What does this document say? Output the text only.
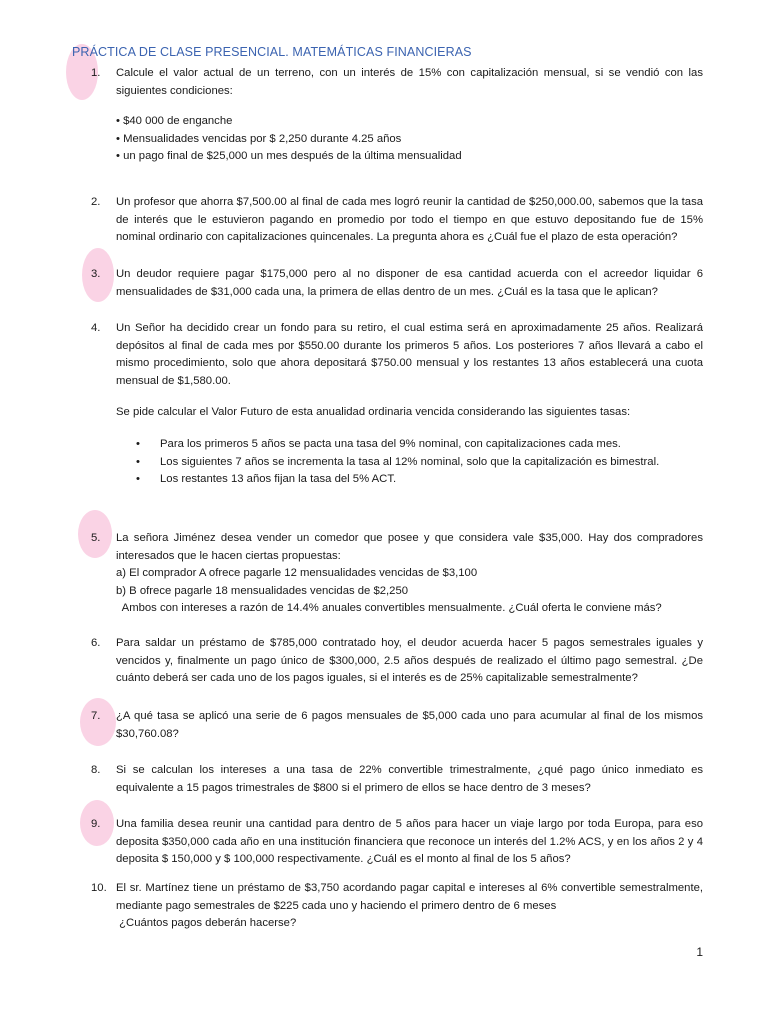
PRÁCTICA DE CLASE PRESENCIAL. MATEMÁTICAS FINANCIERAS
1. Calcule el valor actual de un terreno, con un interés de 15% con capitalización mensual, si se vendió con las siguientes condiciones:
• $40 000 de enganche
• Mensualidades vencidas por $ 2,250 durante 4.25 años
• un pago final de $25,000 un mes después de la última mensualidad
2. Un profesor que ahorra $7,500.00 al final de cada mes logró reunir la cantidad de $250,000.00, sabemos que la tasa de interés que le estuvieron pagando en promedio por todo el tiempo en que estuvo depositando fue de 15% nominal ordinario con capitalizaciones quincenales. La pregunta ahora es ¿Cuál fue el plazo de esta operación?
3. Un deudor requiere pagar $175,000 pero al no disponer de esa cantidad acuerda con el acreedor liquidar 6 mensualidades de $31,000 cada una, la primera de ellas dentro de un mes. ¿Cuál es la tasa que le aplican?
4. Un Señor ha decidido crear un fondo para su retiro, el cual estima será en aproximadamente 25 años. Realizará depósitos al final de cada mes por $550.00 durante los primeros 5 años. Los posteriores 7 años llevará a cabo el mismo procedimiento, solo que ahora depositará $750.00 mensual y los restantes 13 años establecerá una cuota mensual de $1,580.00.
Se pide calcular el Valor Futuro de esta anualidad ordinaria vencida considerando las siguientes tasas:
• Para los primeros 5 años se pacta una tasa del 9% nominal, con capitalizaciones cada mes.
• Los siguientes 7 años se incrementa la tasa al 12% nominal, solo que la capitalización es bimestral.
• Los restantes 13 años fijan la tasa del 5% ACT.
5. La señora Jiménez desea vender un comedor que posee y que considera vale $35,000. Hay dos compradores interesados que le hacen ciertas propuestas:
a) El comprador A ofrece pagarle 12 mensualidades vencidas de $3,100
b) B ofrece pagarle 18 mensualidades vencidas de $2,250
Ambos con intereses a razón de 14.4% anuales convertibles mensualmente. ¿Cuál oferta le conviene más?
6. Para saldar un préstamo de $785,000 contratado hoy, el deudor acuerda hacer 5 pagos semestrales iguales y vencidos y, finalmente un pago único de $300,000, 2.5 años después de realizado el último pago semestral. ¿De cuánto deberá ser cada uno de los pagos iguales, si el interés es de 25% capitalizable semestralmente?
7. ¿A qué tasa se aplicó una serie de 6 pagos mensuales de $5,000 cada uno para acumular al final de los mismos $30,760.08?
8. Si se calculan los intereses a una tasa de 22% convertible trimestralmente, ¿qué pago único inmediato es equivalente a 15 pagos trimestrales de $800 si el primero de ellos se hace dentro de 3 meses?
9. Una familia desea reunir una cantidad para dentro de 5 años para hacer un viaje largo por toda Europa, para eso deposita $350,000 cada año en una institución financiera que reconoce un interés del 1.2% ACS, y en los años 2 y 4 deposita $ 150,000 y $ 100,000 respectivamente. ¿Cuál es el monto al final de los 5 años?
10. El sr. Martínez tiene un préstamo de $3,750 acordando pagar capital e intereses al 6% convertible semestralmente, mediante pago semestrales de $225 cada uno y haciendo el primero dentro de 6 meses
¿Cuántos pagos deberán hacerse?
1
